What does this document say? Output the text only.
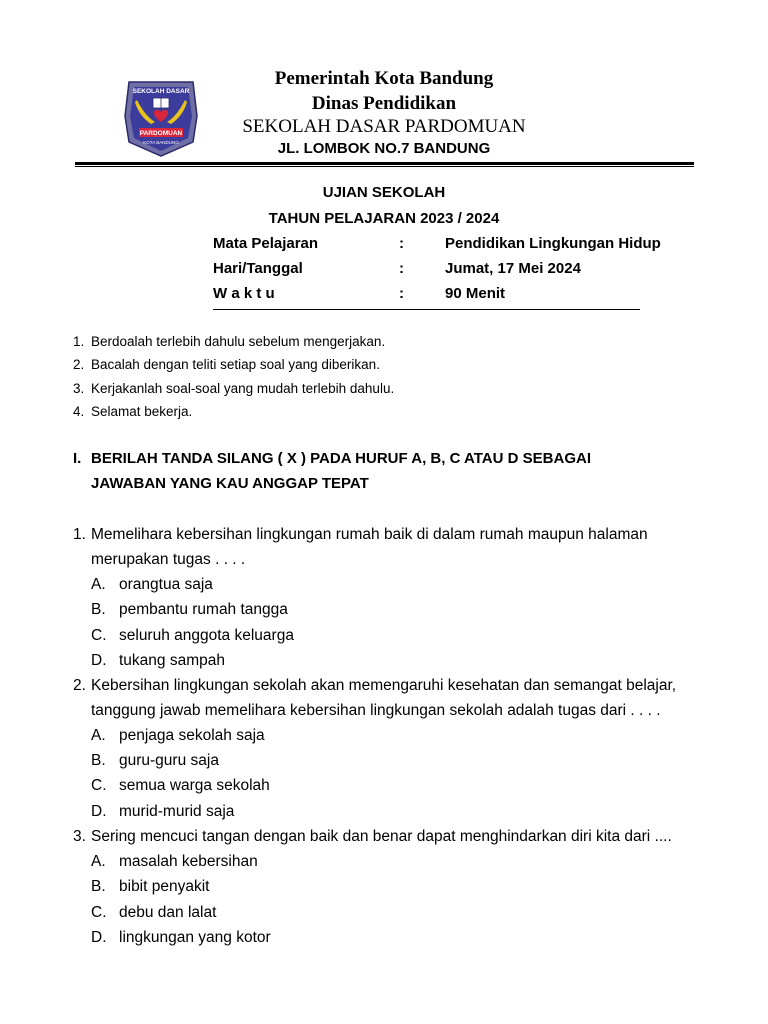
SEKOLAH DASAR
PARDOMUAN
KOTA BANDUNG
Pemerintah Kota Bandung
Dinas Pendidikan
SEKOLAH DASAR PARDOMUAN
JL. LOMBOK NO.7 BANDUNG
UJIAN SEKOLAH
TAHUN PELAJARAN 2023 / 2024
Mata Pelajaran	:	Pendidikan Lingkungan Hidup
Hari/Tanggal	:	Jumat, 17 Mei 2024
W a k t u	:	90 Menit
1. Berdoalah terlebih dahulu sebelum mengerjakan.
2. Bacalah dengan teliti setiap soal yang diberikan.
3. Kerjakanlah soal-soal yang mudah terlebih dahulu.
4. Selamat bekerja.
I. BERILAH TANDA SILANG ( X ) PADA HURUF A, B, C ATAU D SEBAGAI
JAWABAN YANG KAU ANGGAP TEPAT
1. Memelihara kebersihan lingkungan rumah baik di dalam rumah maupun halaman
merupakan tugas . . . .
A. orangtua saja
B. pembantu rumah tangga
C. seluruh anggota keluarga
D. tukang sampah
2. Kebersihan lingkungan sekolah akan memengaruhi kesehatan dan semangat belajar,
tanggung jawab memelihara kebersihan lingkungan sekolah adalah tugas dari . . . .
A. penjaga sekolah saja
B. guru-guru saja
C. semua warga sekolah
D. murid-murid saja
3. Sering mencuci tangan dengan baik dan benar dapat menghindarkan diri kita dari ....
A. masalah kebersihan
B. bibit penyakit
C. debu dan lalat
D. lingkungan yang kotor
